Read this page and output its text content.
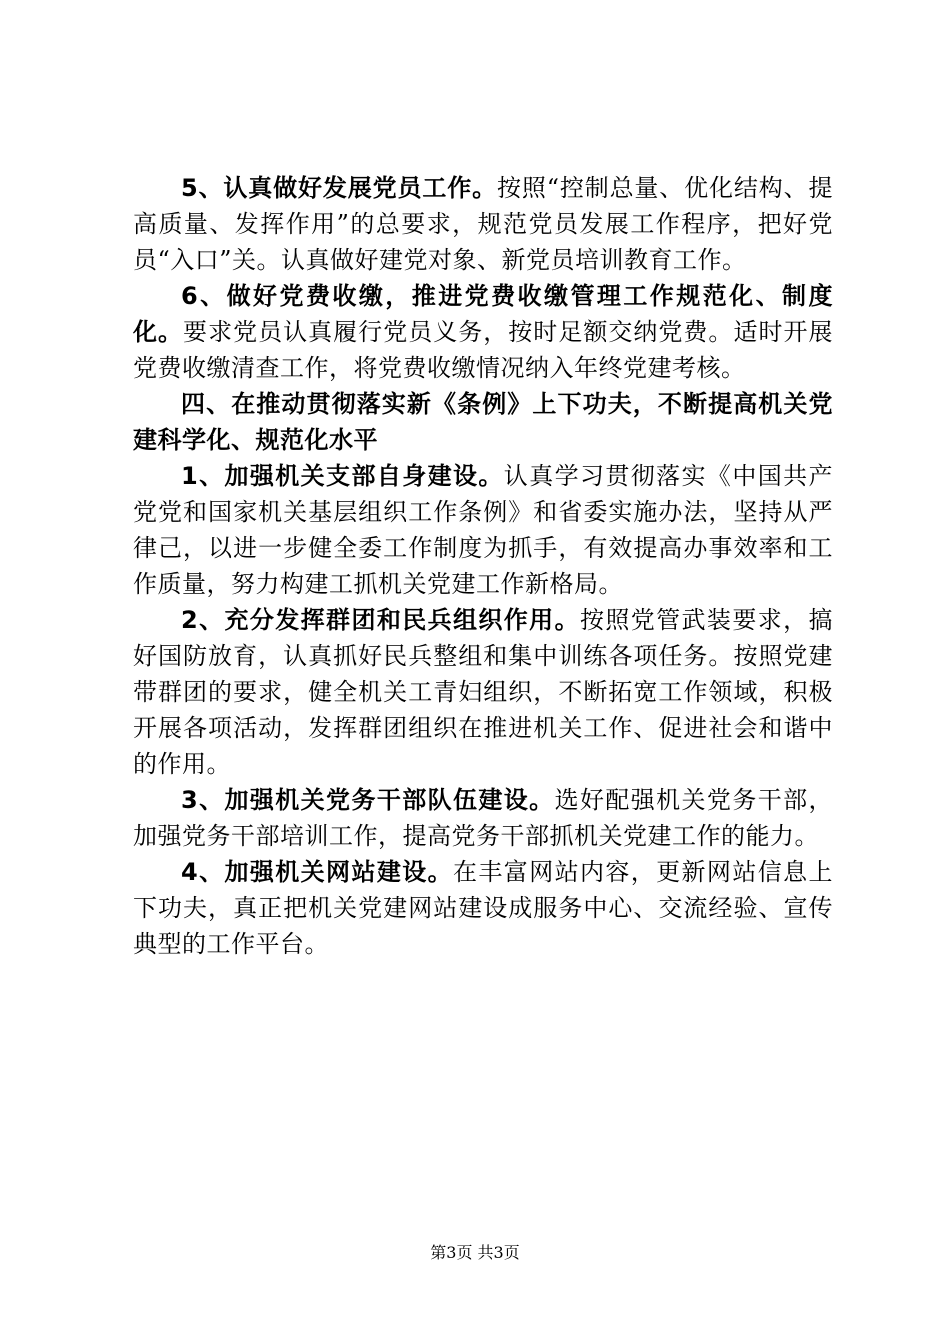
5、认真做好发展党员工作。按照“控制总量、优化结构、提高质量、发挥作用”的总要求，规范党员发展工作程序，把好党员“入口”关。认真做好建党对象、新党员培训教育工作。

6、做好党费收缴，推进党费收缴管理工作规范化、制度化。要求党员认真履行党员义务，按时足额交纳党费。适时开展党费收缴清查工作，将党费收缴情况纳入年终党建考核。

四、在推动贯彻落实新《条例》上下功夫，不断提高机关党建科学化、规范化水平

1、加强机关支部自身建设。认真学习贯彻落实《中国共产党党和国家机关基层组织工作条例》和省委实施办法，坚持从严律己，以进一步健全委工作制度为抓手，有效提高办事效率和工作质量，努力构建工抓机关党建工作新格局。

2、充分发挥群团和民兵组织作用。按照党管武装要求，搞好国防放育，认真抓好民兵整组和集中训练各项任务。按照党建带群团的要求，健全机关工青妇组织，不断拓宽工作领域，积极开展各项活动，发挥群团组织在推进机关工作、促进社会和谐中的作用。

3、加强机关党务干部队伍建设。选好配强机关党务干部，加强党务干部培训工作，提高党务干部抓机关党建工作的能力。

4、加强机关网站建设。在丰富网站内容，更新网站信息上下功夫，真正把机关党建网站建设成服务中心、交流经验、宣传典型的工作平台。

第3页 共3页
